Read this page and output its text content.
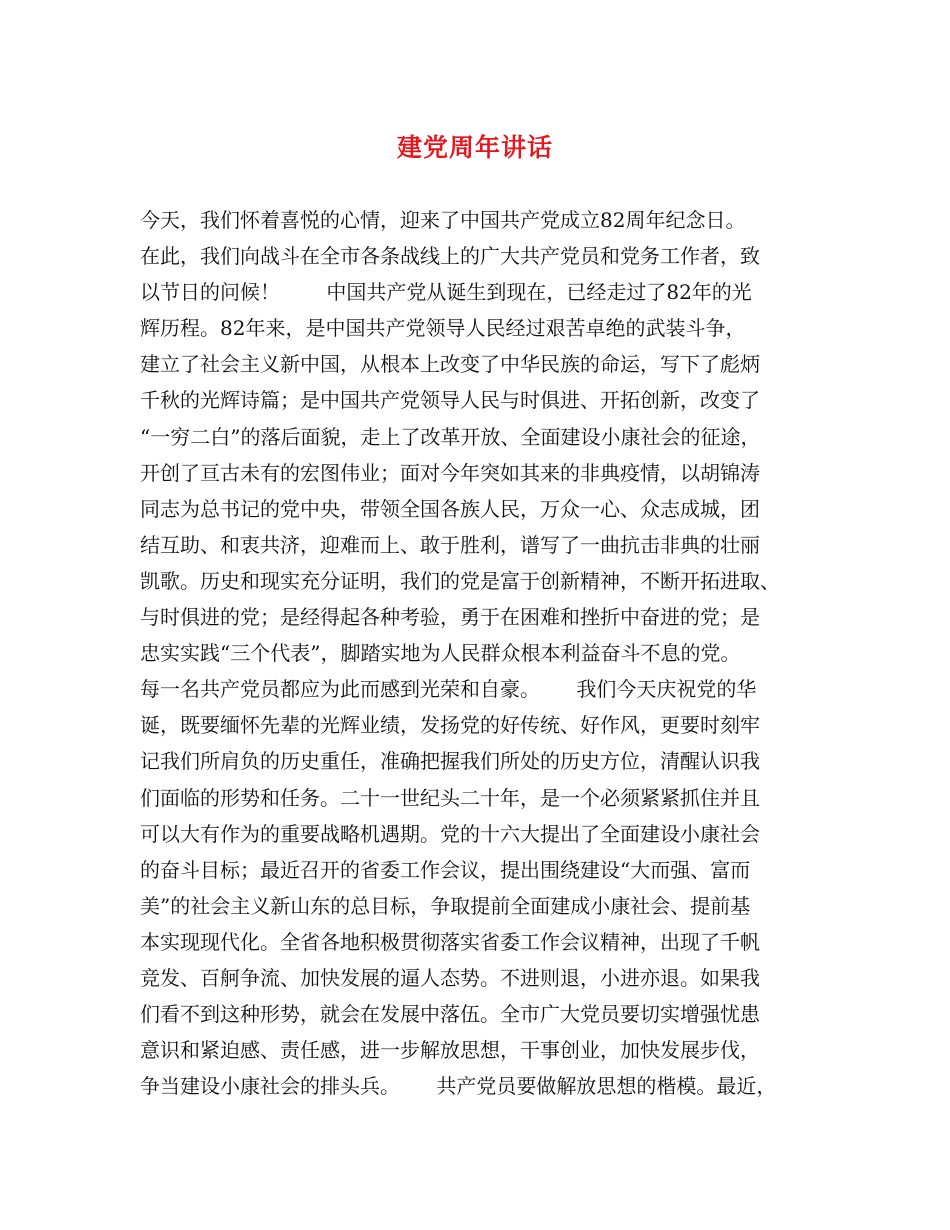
建党周年讲话
今天，我们怀着喜悦的心情，迎来了中国共产党成立82周年纪念日。
在此，我们向战斗在全市各条战线上的广大共产党员和党务工作者，致
以节日的问候！　　 中国共产党从诞生到现在，已经走过了82年的光
辉历程。82年来，是中国共产党领导人民经过艰苦卓绝的武装斗争，
建立了社会主义新中国，从根本上改变了中华民族的命运，写下了彪炳
千秋的光辉诗篇；是中国共产党领导人民与时俱进、开拓创新，改变了
“一穷二白”的落后面貌，走上了改革开放、全面建设小康社会的征途，
开创了亘古未有的宏图伟业；面对今年突如其来的非典疫情，以胡锦涛
同志为总书记的党中央，带领全国各族人民，万众一心、众志成城，团
结互助、和衷共济，迎难而上、敢于胜利，谱写了一曲抗击非典的壮丽
凯歌。历史和现实充分证明，我们的党是富于创新精神，不断开拓进取、
与时俱进的党；是经得起各种考验，勇于在困难和挫折中奋进的党；是
忠实实践“三个代表”，脚踏实地为人民群众根本利益奋斗不息的党。
每一名共产党员都应为此而感到光荣和自豪。　　 我们今天庆祝党的华
诞，既要缅怀先辈的光辉业绩，发扬党的好传统、好作风，更要时刻牢
记我们所肩负的历史重任，准确把握我们所处的历史方位，清醒认识我
们面临的形势和任务。二十一世纪头二十年，是一个必须紧紧抓住并且
可以大有作为的重要战略机遇期。党的十六大提出了全面建设小康社会
的奋斗目标；最近召开的省委工作会议，提出围绕建设“大而强、富而
美”的社会主义新山东的总目标，争取提前全面建成小康社会、提前基
本实现现代化。全省各地积极贯彻落实省委工作会议精神，出现了千帆
竞发、百舸争流、加快发展的逼人态势。不进则退，小进亦退。如果我
们看不到这种形势，就会在发展中落伍。全市广大党员要切实增强忧患
意识和紧迫感、责任感，进一步解放思想，干事创业，加快发展步伐，
争当建设小康社会的排头兵。　　 共产党员要做解放思想的楷模。最近，
